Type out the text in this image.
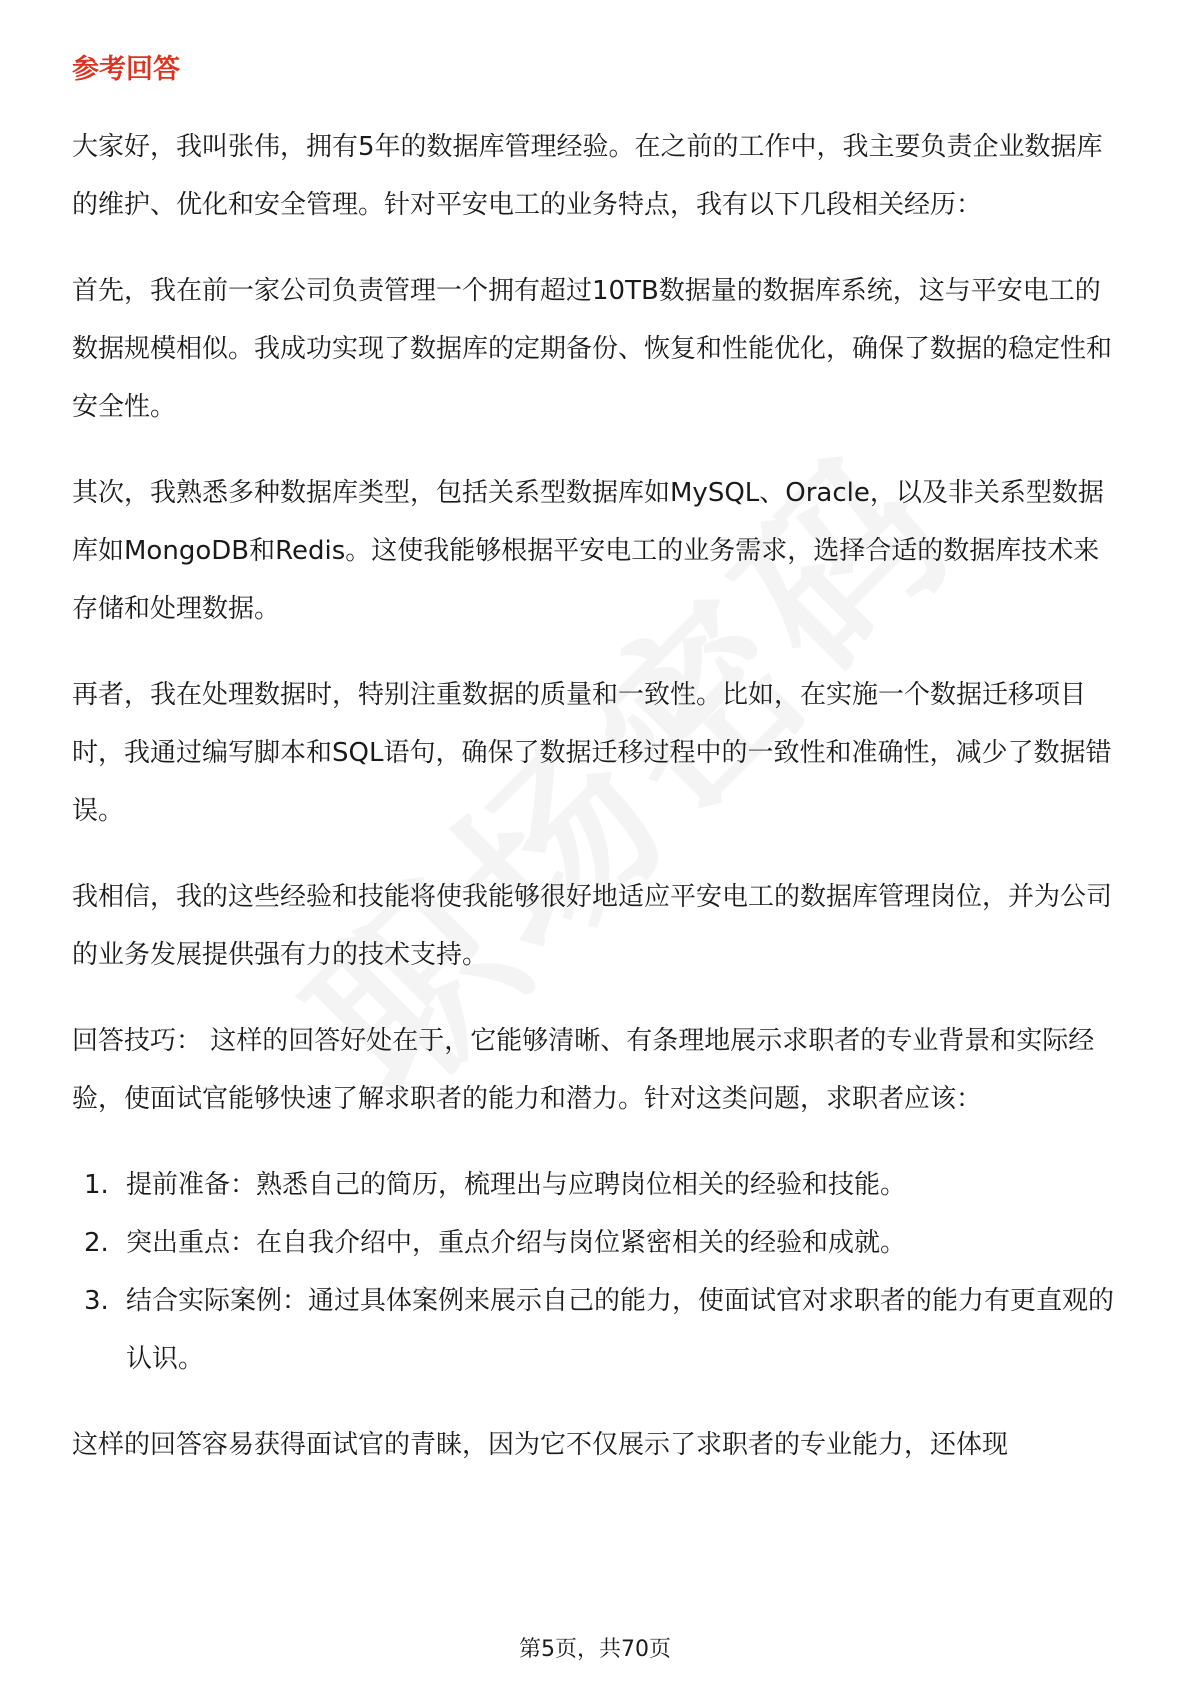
参考回答

大家好，我叫张伟，拥有5年的数据库管理经验。在之前的工作中，我主要负责企业数据库的维护、优化和安全管理。针对平安电工的业务特点，我有以下几段相关经历：

首先，我在前一家公司负责管理一个拥有超过10TB数据量的数据库系统，这与平安电工的数据规模相似。我成功实现了数据库的定期备份、恢复和性能优化，确保了数据的稳定性和安全性。

其次，我熟悉多种数据库类型，包括关系型数据库如MySQL、Oracle，以及非关系型数据库如MongoDB和Redis。这使我能够根据平安电工的业务需求，选择合适的数据库技术来存储和处理数据。

再者，我在处理数据时，特别注重数据的质量和一致性。比如，在实施一个数据迁移项目时，我通过编写脚本和SQL语句，确保了数据迁移过程中的一致性和准确性，减少了数据错误。

我相信，我的这些经验和技能将使我能够很好地适应平安电工的数据库管理岗位，并为公司的业务发展提供强有力的技术支持。

回答技巧： 这样的回答好处在于，它能够清晰、有条理地展示求职者的专业背景和实际经验，使面试官能够快速了解求职者的能力和潜力。针对这类问题，求职者应该：

1. 提前准备：熟悉自己的简历，梳理出与应聘岗位相关的经验和技能。
2. 突出重点：在自我介绍中，重点介绍与岗位紧密相关的经验和成就。
3. 结合实际案例：通过具体案例来展示自己的能力，使面试官对求职者的能力有更直观的认识。

这样的回答容易获得面试官的青睐，因为它不仅展示了求职者的专业能力，还体现

第5页，共70页
